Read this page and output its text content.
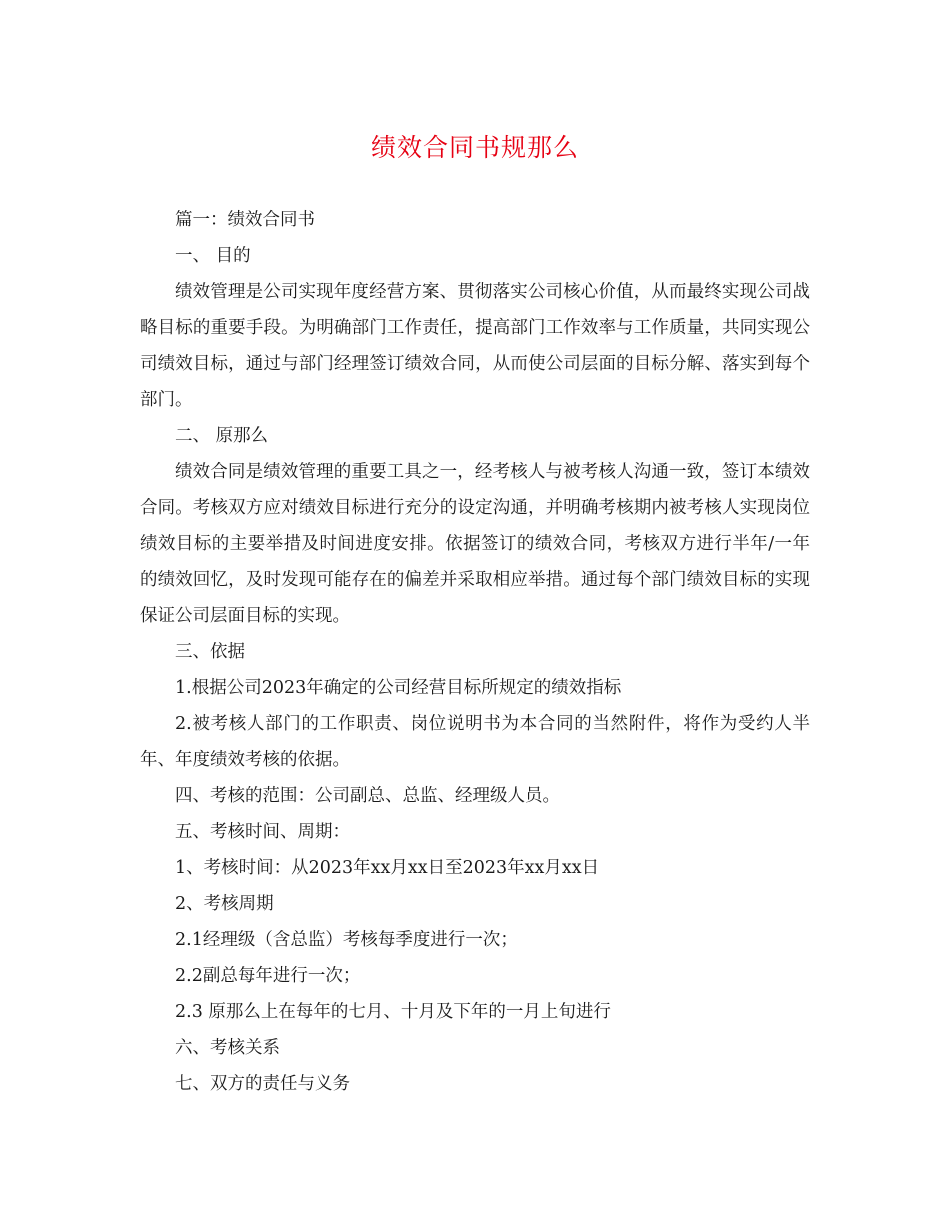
绩效合同书规那么

篇一：绩效合同书

一、 目的

绩效管理是公司实现年度经营方案、贯彻落实公司核心价值，从而最终实现公司战略目标的重要手段。为明确部门工作责任，提高部门工作效率与工作质量，共同实现公司绩效目标，通过与部门经理签订绩效合同，从而使公司层面的目标分解、落实到每个部门。

二、 原那么

绩效合同是绩效管理的重要工具之一，经考核人与被考核人沟通一致，签订本绩效合同。考核双方应对绩效目标进行充分的设定沟通，并明确考核期内被考核人实现岗位绩效目标的主要举措及时间进度安排。依据签订的绩效合同，考核双方进行半年/一年的绩效回忆，及时发现可能存在的偏差并采取相应举措。通过每个部门绩效目标的实现保证公司层面目标的实现。

三、依据

1.根据公司2023年确定的公司经营目标所规定的绩效指标

2.被考核人部门的工作职责、岗位说明书为本合同的当然附件，将作为受约人半年、年度绩效考核的依据。

四、考核的范围：公司副总、总监、经理级人员。

五、考核时间、周期：

1、考核时间：从2023年xx月xx日至2023年xx月xx日

2、考核周期

2.1经理级（含总监）考核每季度进行一次；

2.2副总每年进行一次；

2.3 原那么上在每年的七月、十月及下年的一月上旬进行

六、考核关系

七、双方的责任与义务
